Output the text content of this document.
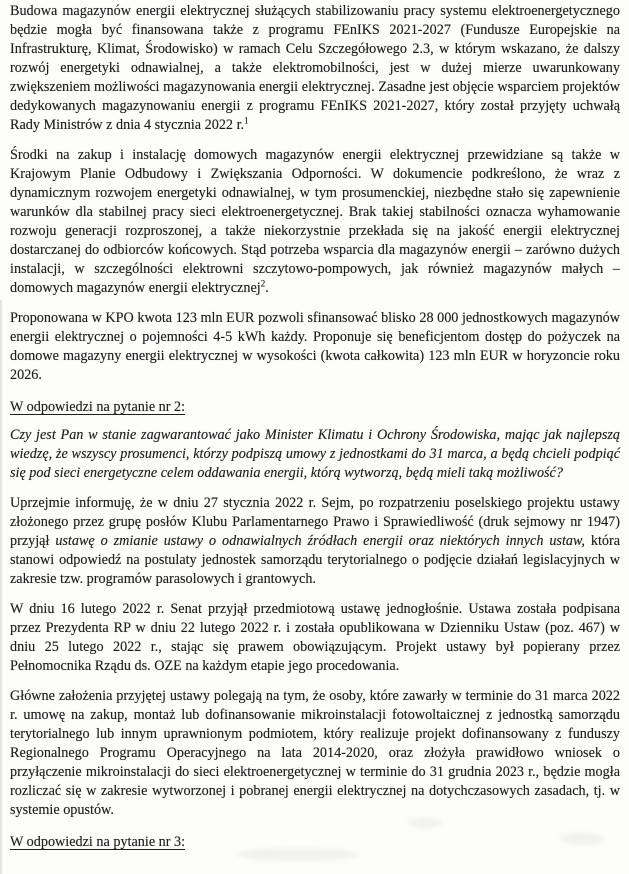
Budowa magazynów energii elektrycznej służących stabilizowaniu pracy systemu elektroenergetycznego będzie mogła być finansowana także z programu FEnIKS 2021-2027 (Fundusze Europejskie na Infrastrukturę, Klimat, Środowisko) w ramach Celu Szczegółowego 2.3, w którym wskazano, że dalszy rozwój energetyki odnawialnej, a także elektromobilności, jest w dużej mierze uwarunkowany zwiększeniem możliwości magazynowania energii elektrycznej. Zasadne jest objęcie wsparciem projektów dedykowanych magazynowaniu energii z programu FEnIKS 2021-2027, który został przyjęty uchwałą Rady Ministrów z dnia 4 stycznia 2022 r.$^1$

Środki na zakup i instalację domowych magazynów energii elektrycznej przewidziane są także w Krajowym Planie Odbudowy i Zwiększania Odporności. W dokumencie podkreślono, że wraz z dynamicznym rozwojem energetyki odnawialnej, w tym prosumenckiej, niezbędne stało się zapewnienie warunków dla stabilnej pracy sieci elektroenergetycznej. Brak takiej stabilności oznacza wyhamowanie rozwoju generacji rozproszonej, a także niekorzystnie przekłada się na jakość energii elektrycznej dostarczanej do odbiorców końcowych. Stąd potrzeba wsparcia dla magazynów energii – zarówno dużych instalacji, w szczególności elektrowni szczytowo-pompowych, jak również magazynów małych – domowych magazynów energii elektrycznej$^2$.

Proponowana w KPO kwota 123 mln EUR pozwoli sfinansować blisko 28 000 jednostkowych magazynów energii elektrycznej o pojemności 4-5 kWh każdy. Proponuje się beneficjentom dostęp do pożyczek na domowe magazyny energii elektrycznej w wysokości (kwota całkowita) 123 mln EUR w horyzoncie roku 2026.

W odpowiedzi na pytanie nr 2:

Czy jest Pan w stanie zagwarantować jako Minister Klimatu i Ochrony Środowiska, mając jak najlepszą wiedzę, że wszyscy prosumenci, którzy podpiszą umowy z jednostkami do 31 marca, a będą chcieli podpiąć się pod sieci energetyczne celem oddawania energii, którą wytworzą, będą mieli taką możliwość?

Uprzejmie informuję, że w dniu 27 stycznia 2022 r. Sejm, po rozpatrzeniu poselskiego projektu ustawy złożonego przez grupę posłów Klubu Parlamentarnego Prawo i Sprawiedliwość (druk sejmowy nr 1947) przyjął ustawę o zmianie ustawy o odnawialnych źródłach energii oraz niektórych innych ustaw, która stanowi odpowiedź na postulaty jednostek samorządu terytorialnego o podjęcie działań legislacyjnych w zakresie tzw. programów parasolowych i grantowych.

W dniu 16 lutego 2022 r. Senat przyjął przedmiotową ustawę jednogłośnie. Ustawa została podpisana przez Prezydenta RP w dniu 22 lutego 2022 r. i została opublikowana w Dzienniku Ustaw (poz. 467) w dniu 25 lutego 2022 r., stając się prawem obowiązującym. Projekt ustawy był popierany przez Pełnomocnika Rządu ds. OZE na każdym etapie jego procedowania.

Główne założenia przyjętej ustawy polegają na tym, że osoby, które zawarły w terminie do 31 marca 2022 r. umowę na zakup, montaż lub dofinansowanie mikroinstalacji fotowoltaicznej z jednostką samorządu terytorialnego lub innym uprawnionym podmiotem, który realizuje projekt dofinansowany z funduszy Regionalnego Programu Operacyjnego na lata 2014-2020, oraz złożyła prawidłowo wniosek o przyłączenie mikroinstalacji do sieci elektroenergetycznej w terminie do 31 grudnia 2023 r., będzie mogła rozliczać się w zakresie wytworzonej i pobranej energii elektrycznej na dotychczasowych zasadach, tj. w systemie opustów.

W odpowiedzi na pytanie nr 3:
